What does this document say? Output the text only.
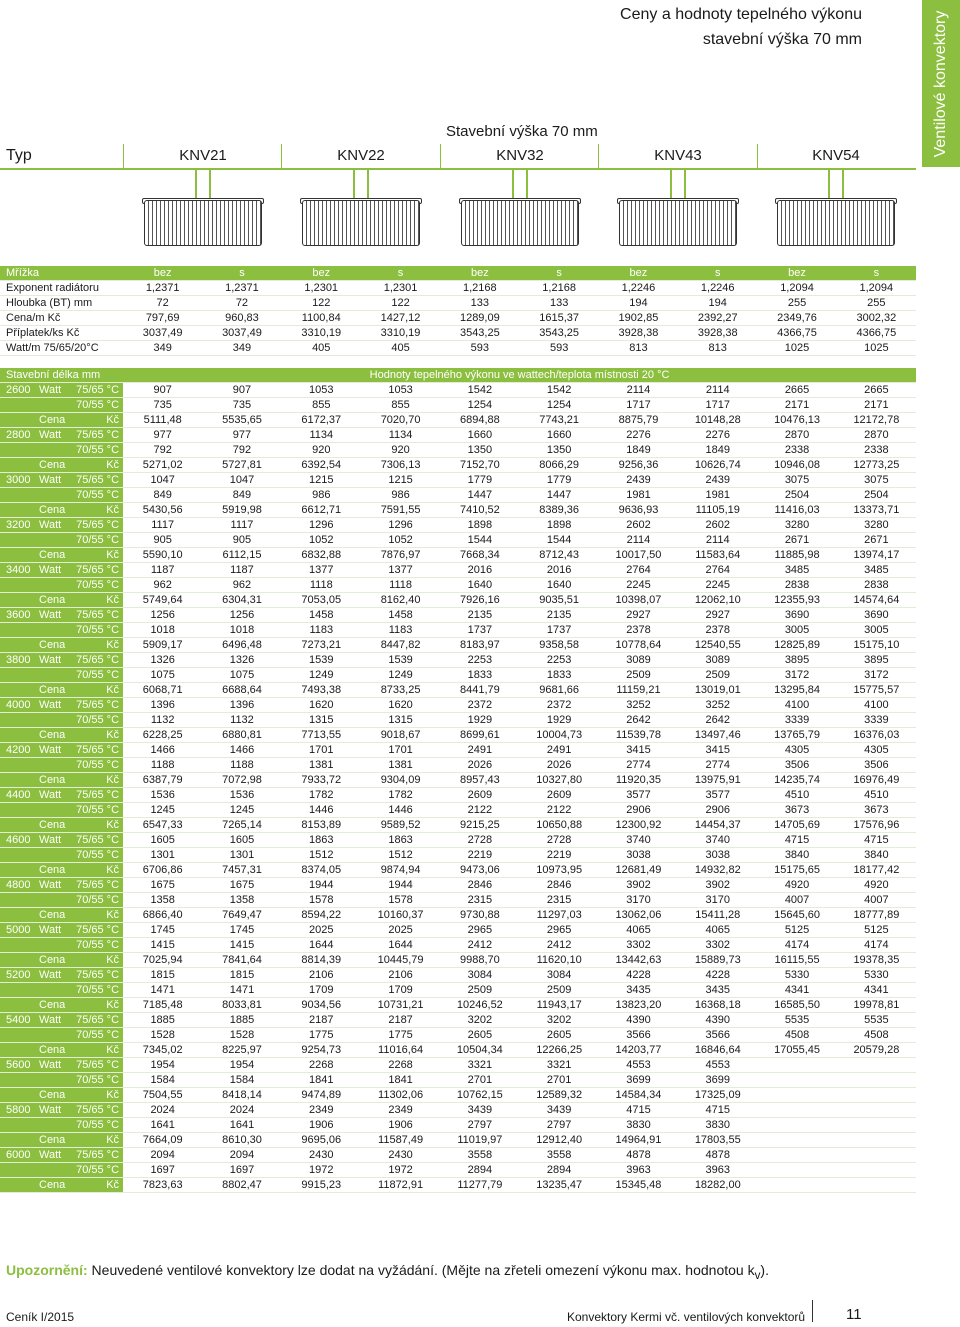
Ventilové konvektory
Ceny a hodnoty tepelného výkonu
stavební výška 70 mm
Stavební výška 70 mm
Typ	KNV21	KNV22	KNV32	KNV43	KNV54
Mřížka	bez	s	bez	s	bez	s	bez	s	bez	s
Exponent radiátoru	1,2371	1,2371	1,2301	1,2301	1,2168	1,2168	1,2246	1,2246	1,2094	1,2094
Hloubka (BT) mm	72	72	122	122	133	133	194	194	255	255
Cena/m Kč	797,69	960,83	1100,84	1427,12	1289,09	1615,37	1902,85	2392,27	2349,76	3002,32
Příplatek/ks Kč	3037,49	3037,49	3310,19	3310,19	3543,25	3543,25	3928,38	3928,38	4366,75	4366,75
Watt/m 75/65/20°C	349	349	405	405	593	593	813	813	1025	1025
Stavební délka mm			Hodnoty tepelného výkonu ve wattech/teplota místnosti 20 °C									
2600	Watt	75/65 °C	907	907	1053	1053	1542	1542	2114	2114	2665	2665
		70/55 °C	735	735	855	855	1254	1254	1717	1717	2171	2171
	Cena	Kč	5111,48	5535,65	6172,37	7020,70	6894,88	7743,21	8875,79	10148,28	10476,13	12172,78
2800	Watt	75/65 °C	977	977	1134	1134	1660	1660	2276	2276	2870	2870
		70/55 °C	792	792	920	920	1350	1350	1849	1849	2338	2338
	Cena	Kč	5271,02	5727,81	6392,54	7306,13	7152,70	8066,29	9256,36	10626,74	10946,08	12773,25
3000	Watt	75/65 °C	1047	1047	1215	1215	1779	1779	2439	2439	3075	3075
		70/55 °C	849	849	986	986	1447	1447	1981	1981	2504	2504
	Cena	Kč	5430,56	5919,98	6612,71	7591,55	7410,52	8389,36	9636,93	11105,19	11416,03	13373,71
3200	Watt	75/65 °C	1117	1117	1296	1296	1898	1898	2602	2602	3280	3280
		70/55 °C	905	905	1052	1052	1544	1544	2114	2114	2671	2671
	Cena	Kč	5590,10	6112,15	6832,88	7876,97	7668,34	8712,43	10017,50	11583,64	11885,98	13974,17
3400	Watt	75/65 °C	1187	1187	1377	1377	2016	2016	2764	2764	3485	3485
		70/55 °C	962	962	1118	1118	1640	1640	2245	2245	2838	2838
	Cena	Kč	5749,64	6304,31	7053,05	8162,40	7926,16	9035,51	10398,07	12062,10	12355,93	14574,64
3600	Watt	75/65 °C	1256	1256	1458	1458	2135	2135	2927	2927	3690	3690
		70/55 °C	1018	1018	1183	1183	1737	1737	2378	2378	3005	3005
	Cena	Kč	5909,17	6496,48	7273,21	8447,82	8183,97	9358,58	10778,64	12540,55	12825,89	15175,10
3800	Watt	75/65 °C	1326	1326	1539	1539	2253	2253	3089	3089	3895	3895
		70/55 °C	1075	1075	1249	1249	1833	1833	2509	2509	3172	3172
	Cena	Kč	6068,71	6688,64	7493,38	8733,25	8441,79	9681,66	11159,21	13019,01	13295,84	15775,57
4000	Watt	75/65 °C	1396	1396	1620	1620	2372	2372	3252	3252	4100	4100
		70/55 °C	1132	1132	1315	1315	1929	1929	2642	2642	3339	3339
	Cena	Kč	6228,25	6880,81	7713,55	9018,67	8699,61	10004,73	11539,78	13497,46	13765,79	16376,03
4200	Watt	75/65 °C	1466	1466	1701	1701	2491	2491	3415	3415	4305	4305
		70/55 °C	1188	1188	1381	1381	2026	2026	2774	2774	3506	3506
	Cena	Kč	6387,79	7072,98	7933,72	9304,09	8957,43	10327,80	11920,35	13975,91	14235,74	16976,49
4400	Watt	75/65 °C	1536	1536	1782	1782	2609	2609	3577	3577	4510	4510
		70/55 °C	1245	1245	1446	1446	2122	2122	2906	2906	3673	3673
	Cena	Kč	6547,33	7265,14	8153,89	9589,52	9215,25	10650,88	12300,92	14454,37	14705,69	17576,96
4600	Watt	75/65 °C	1605	1605	1863	1863	2728	2728	3740	3740	4715	4715
		70/55 °C	1301	1301	1512	1512	2219	2219	3038	3038	3840	3840
	Cena	Kč	6706,86	7457,31	8374,05	9874,94	9473,06	10973,95	12681,49	14932,82	15175,65	18177,42
4800	Watt	75/65 °C	1675	1675	1944	1944	2846	2846	3902	3902	4920	4920
		70/55 °C	1358	1358	1578	1578	2315	2315	3170	3170	4007	4007
	Cena	Kč	6866,40	7649,47	8594,22	10160,37	9730,88	11297,03	13062,06	15411,28	15645,60	18777,89
5000	Watt	75/65 °C	1745	1745	2025	2025	2965	2965	4065	4065	5125	5125
		70/55 °C	1415	1415	1644	1644	2412	2412	3302	3302	4174	4174
	Cena	Kč	7025,94	7841,64	8814,39	10445,79	9988,70	11620,10	13442,63	15889,73	16115,55	19378,35
5200	Watt	75/65 °C	1815	1815	2106	2106	3084	3084	4228	4228	5330	5330
		70/55 °C	1471	1471	1709	1709	2509	2509	3435	3435	4341	4341
	Cena	Kč	7185,48	8033,81	9034,56	10731,21	10246,52	11943,17	13823,20	16368,18	16585,50	19978,81
5400	Watt	75/65 °C	1885	1885	2187	2187	3202	3202	4390	4390	5535	5535
		70/55 °C	1528	1528	1775	1775	2605	2605	3566	3566	4508	4508
	Cena	Kč	7345,02	8225,97	9254,73	11016,64	10504,34	12266,25	14203,77	16846,64	17055,45	20579,28
5600	Watt	75/65 °C	1954	1954	2268	2268	3321	3321	4553	4553		
		70/55 °C	1584	1584	1841	1841	2701	2701	3699	3699		
	Cena	Kč	7504,55	8418,14	9474,89	11302,06	10762,15	12589,32	14584,34	17325,09		
5800	Watt	75/65 °C	2024	2024	2349	2349	3439	3439	4715	4715		
		70/55 °C	1641	1641	1906	1906	2797	2797	3830	3830		
	Cena	Kč	7664,09	8610,30	9695,06	11587,49	11019,97	12912,40	14964,91	17803,55		
6000	Watt	75/65 °C	2094	2094	2430	2430	3558	3558	4878	4878		
		70/55 °C	1697	1697	1972	1972	2894	2894	3963	3963		
	Cena	Kč	7823,63	8802,47	9915,23	11872,91	11277,79	13235,47	15345,48	18282,00		
Upozornění: Neuvedené ventilové konvektory lze dodat na vyžádání. (Mějte na zřeteli omezení výkonu max. hodnotou $k_v$).
Ceník I/2015	Konvektory Kermi vč. ventilových konvektorů	11
